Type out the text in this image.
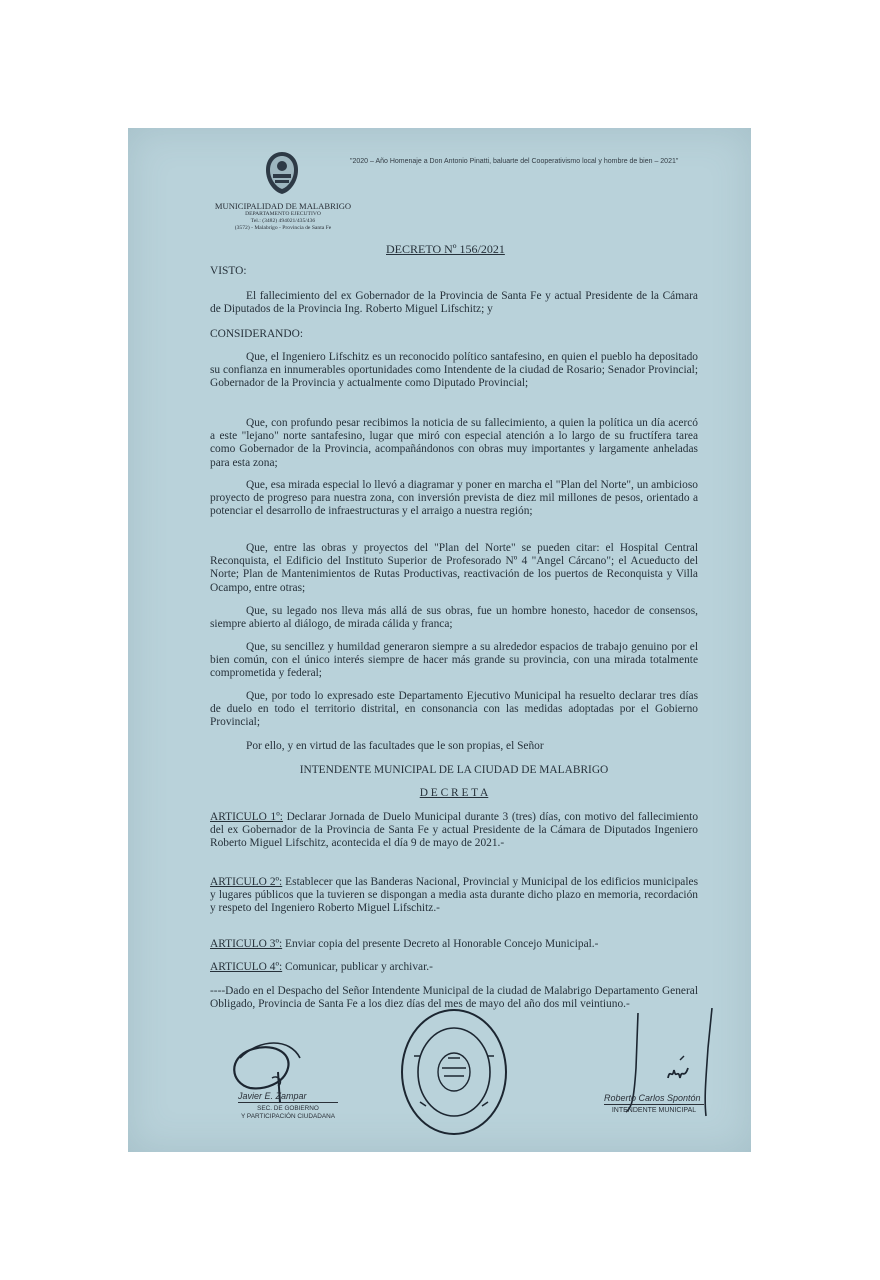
"2020 – Año Homenaje a Don Antonio Pinatti, baluarte del Cooperativismo local y hombre de bien – 2021"
MUNICIPALIDAD DE MALABRIGO
DEPARTAMENTO EJECUTIVO
Tel.: (3482) 494021/435/436
(3572) - Malabrigo - Provincia de Santa Fe
DECRETO Nº 156/2021
VISTO:
El fallecimiento del ex Gobernador de la Provincia de Santa Fe y actual Presidente de la Cámara de Diputados de la Provincia Ing. Roberto Miguel Lifschitz; y
CONSIDERANDO:
Que, el Ingeniero Lifschitz es un reconocido político santafesino, en quien el pueblo ha depositado su confianza en innumerables oportunidades como Intendente de la ciudad de Rosario; Senador Provincial; Gobernador de la Provincia y actualmente como Diputado Provincial;
Que, con profundo pesar recibimos la noticia de su fallecimiento, a quien la política un día acercó a este "lejano" norte santafesino, lugar que miró con especial atención a lo largo de su fructífera tarea como Gobernador de la Provincia, acompañándonos con obras muy importantes y largamente anheladas para esta zona;
Que, esa mirada especial lo llevó a diagramar y poner en marcha el "Plan del Norte", un ambicioso proyecto de progreso para nuestra zona, con inversión prevista de diez mil millones de pesos, orientado a potenciar el desarrollo de infraestructuras y el arraigo a nuestra región;
Que, entre las obras y proyectos del "Plan del Norte" se pueden citar: el Hospital Central Reconquista, el Edificio del Instituto Superior de Profesorado Nº 4 "Angel Cárcano"; el Acueducto del Norte; Plan de Mantenimientos de Rutas Productivas, reactivación de los puertos de Reconquista y Villa Ocampo, entre otras;
Que, su legado nos lleva más allá de sus obras, fue un hombre honesto, hacedor de consensos, siempre abierto al diálogo, de mirada cálida y franca;
Que, su sencillez y humildad generaron siempre a su alrededor espacios de trabajo genuino por el bien común, con el único interés siempre de hacer más grande su provincia, con una mirada totalmente comprometida y federal;
Que, por todo lo expresado este Departamento Ejecutivo Municipal ha resuelto declarar tres días de duelo en todo el territorio distrital, en consonancia con las medidas adoptadas por el Gobierno Provincial;
Por ello, y en virtud de las facultades que le son propias, el Señor
INTENDENTE MUNICIPAL DE LA CIUDAD DE MALABRIGO
D E C R E T A
ARTICULO 1º: Declarar Jornada de Duelo Municipal durante 3 (tres) días, con motivo del fallecimiento del ex Gobernador de la Provincia de Santa Fe y actual Presidente de la Cámara de Diputados Ingeniero Roberto Miguel Lifschitz, acontecida el día 9 de mayo de 2021.-
ARTICULO 2º: Establecer que las Banderas Nacional, Provincial y Municipal de los edificios municipales y lugares públicos que la tuvieren se dispongan a media asta durante dicho plazo en memoria, recordación y respeto del Ingeniero Roberto Miguel Lifschitz.-
ARTICULO 3º: Enviar copia del presente Decreto al Honorable Concejo Municipal.-
ARTICULO 4º: Comunicar, publicar y archivar.-
----Dado en el Despacho del Señor Intendente Municipal de la ciudad de Malabrigo Departamento General Obligado, Provincia de Santa Fe a los diez días del mes de mayo del año dos mil veintiuno.-
Javier E. Zampar
SEC. DE GOBIERNO
Y PARTICIPACIÓN CIUDADANA
Roberto Carlos Spontón
INTENDENTE MUNICIPAL
